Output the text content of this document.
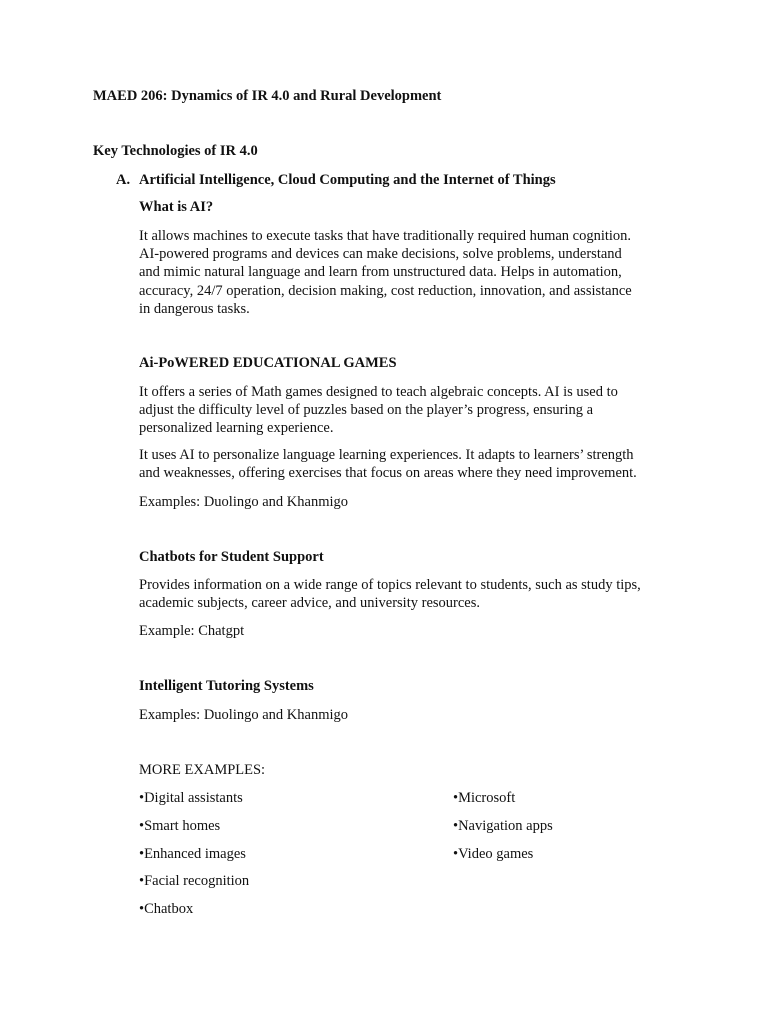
MAED 206: Dynamics of IR 4.0 and Rural Development
Key Technologies of IR 4.0
A. Artificial Intelligence, Cloud Computing and the Internet of Things
What is AI?
It allows machines to execute tasks that have traditionally required human cognition.
AI-powered programs and devices can make decisions, solve problems, understand
and mimic natural language and learn from unstructured data. Helps in automation,
accuracy, 24/7 operation, decision making, cost reduction, innovation, and assistance
in dangerous tasks.
Ai-PoWERED EDUCATIONAL GAMES
It offers a series of Math games designed to teach algebraic concepts. AI is used to
adjust the difficulty level of puzzles based on the player’s progress, ensuring a
personalized learning experience.
It uses AI to personalize language learning experiences. It adapts to learners’ strength
and weaknesses, offering exercises that focus on areas where they need improvement.
Examples: Duolingo and Khanmigo
Chatbots for Student Support
Provides information on a wide range of topics relevant to students, such as study tips,
academic subjects, career advice, and university resources.
Example: Chatgpt
Intelligent Tutoring Systems
Examples: Duolingo and Khanmigo
MORE EXAMPLES:
•Digital assistants
•Smart homes
•Enhanced images
•Facial recognition
•Chatbox
•Microsoft
•Navigation apps
•Video games
